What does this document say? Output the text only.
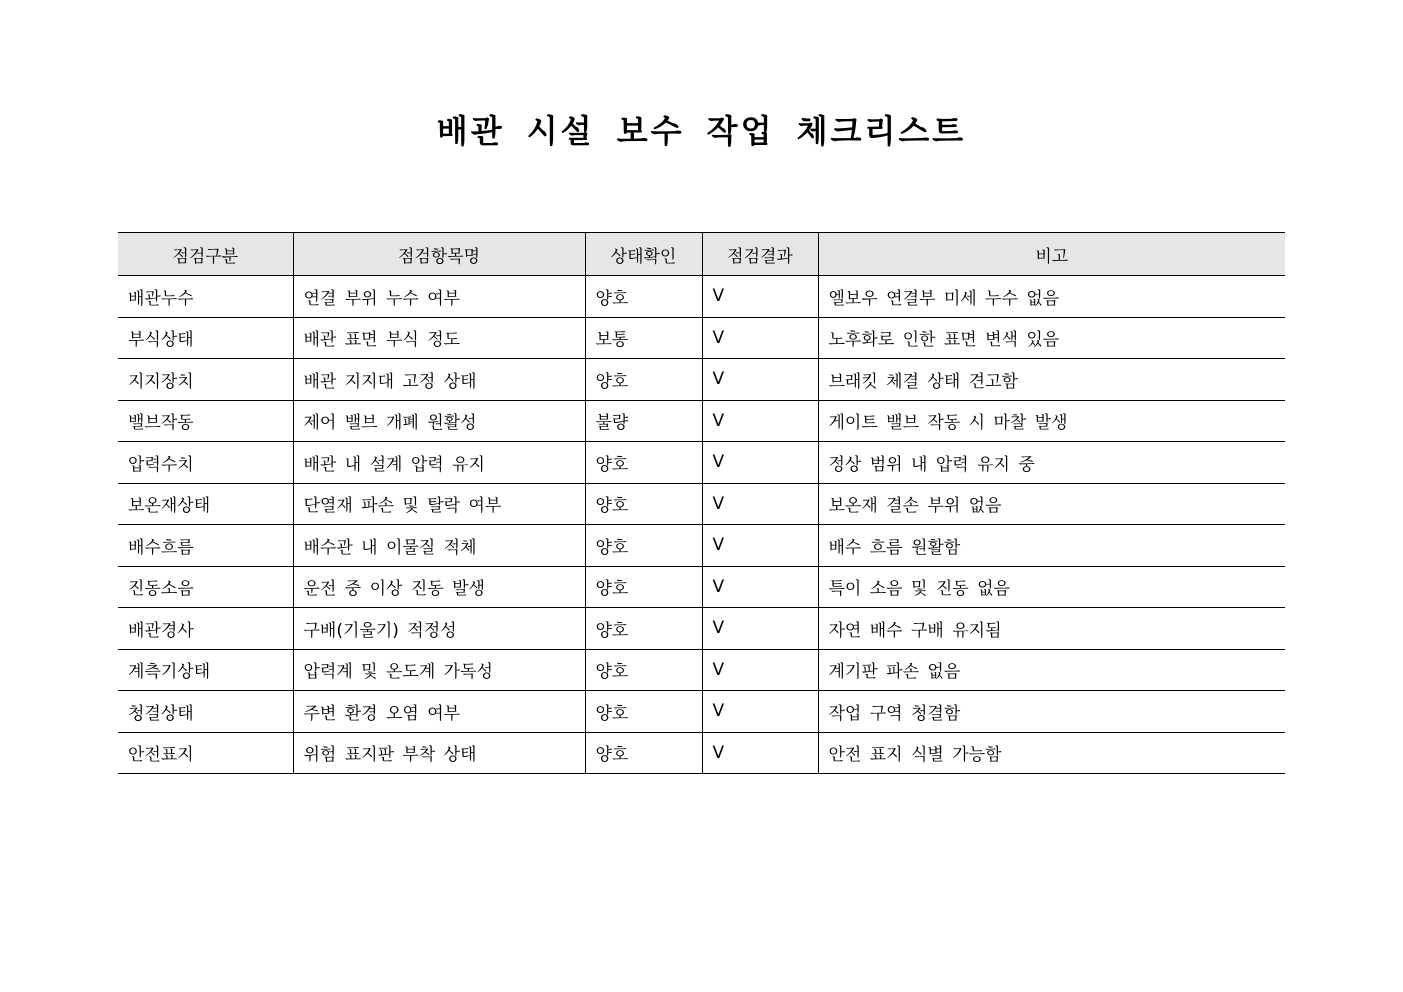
배관 시설 보수 작업 체크리스트
점검구분	점검항목명	상태확인	점검결과	비고
배관누수	연결 부위 누수 여부	양호	V	엘보우 연결부 미세 누수 없음
부식상태	배관 표면 부식 정도	보통	V	노후화로 인한 표면 변색 있음
지지장치	배관 지지대 고정 상태	양호	V	브래킷 체결 상태 견고함
밸브작동	제어 밸브 개폐 원활성	불량	V	게이트 밸브 작동 시 마찰 발생
압력수치	배관 내 설계 압력 유지	양호	V	정상 범위 내 압력 유지 중
보온재상태	단열재 파손 및 탈락 여부	양호	V	보온재 결손 부위 없음
배수흐름	배수관 내 이물질 적체	양호	V	배수 흐름 원활함
진동소음	운전 중 이상 진동 발생	양호	V	특이 소음 및 진동 없음
배관경사	구배(기울기) 적정성	양호	V	자연 배수 구배 유지됨
계측기상태	압력계 및 온도계 가독성	양호	V	계기판 파손 없음
청결상태	주변 환경 오염 여부	양호	V	작업 구역 청결함
안전표지	위험 표지판 부착 상태	양호	V	안전 표지 식별 가능함
